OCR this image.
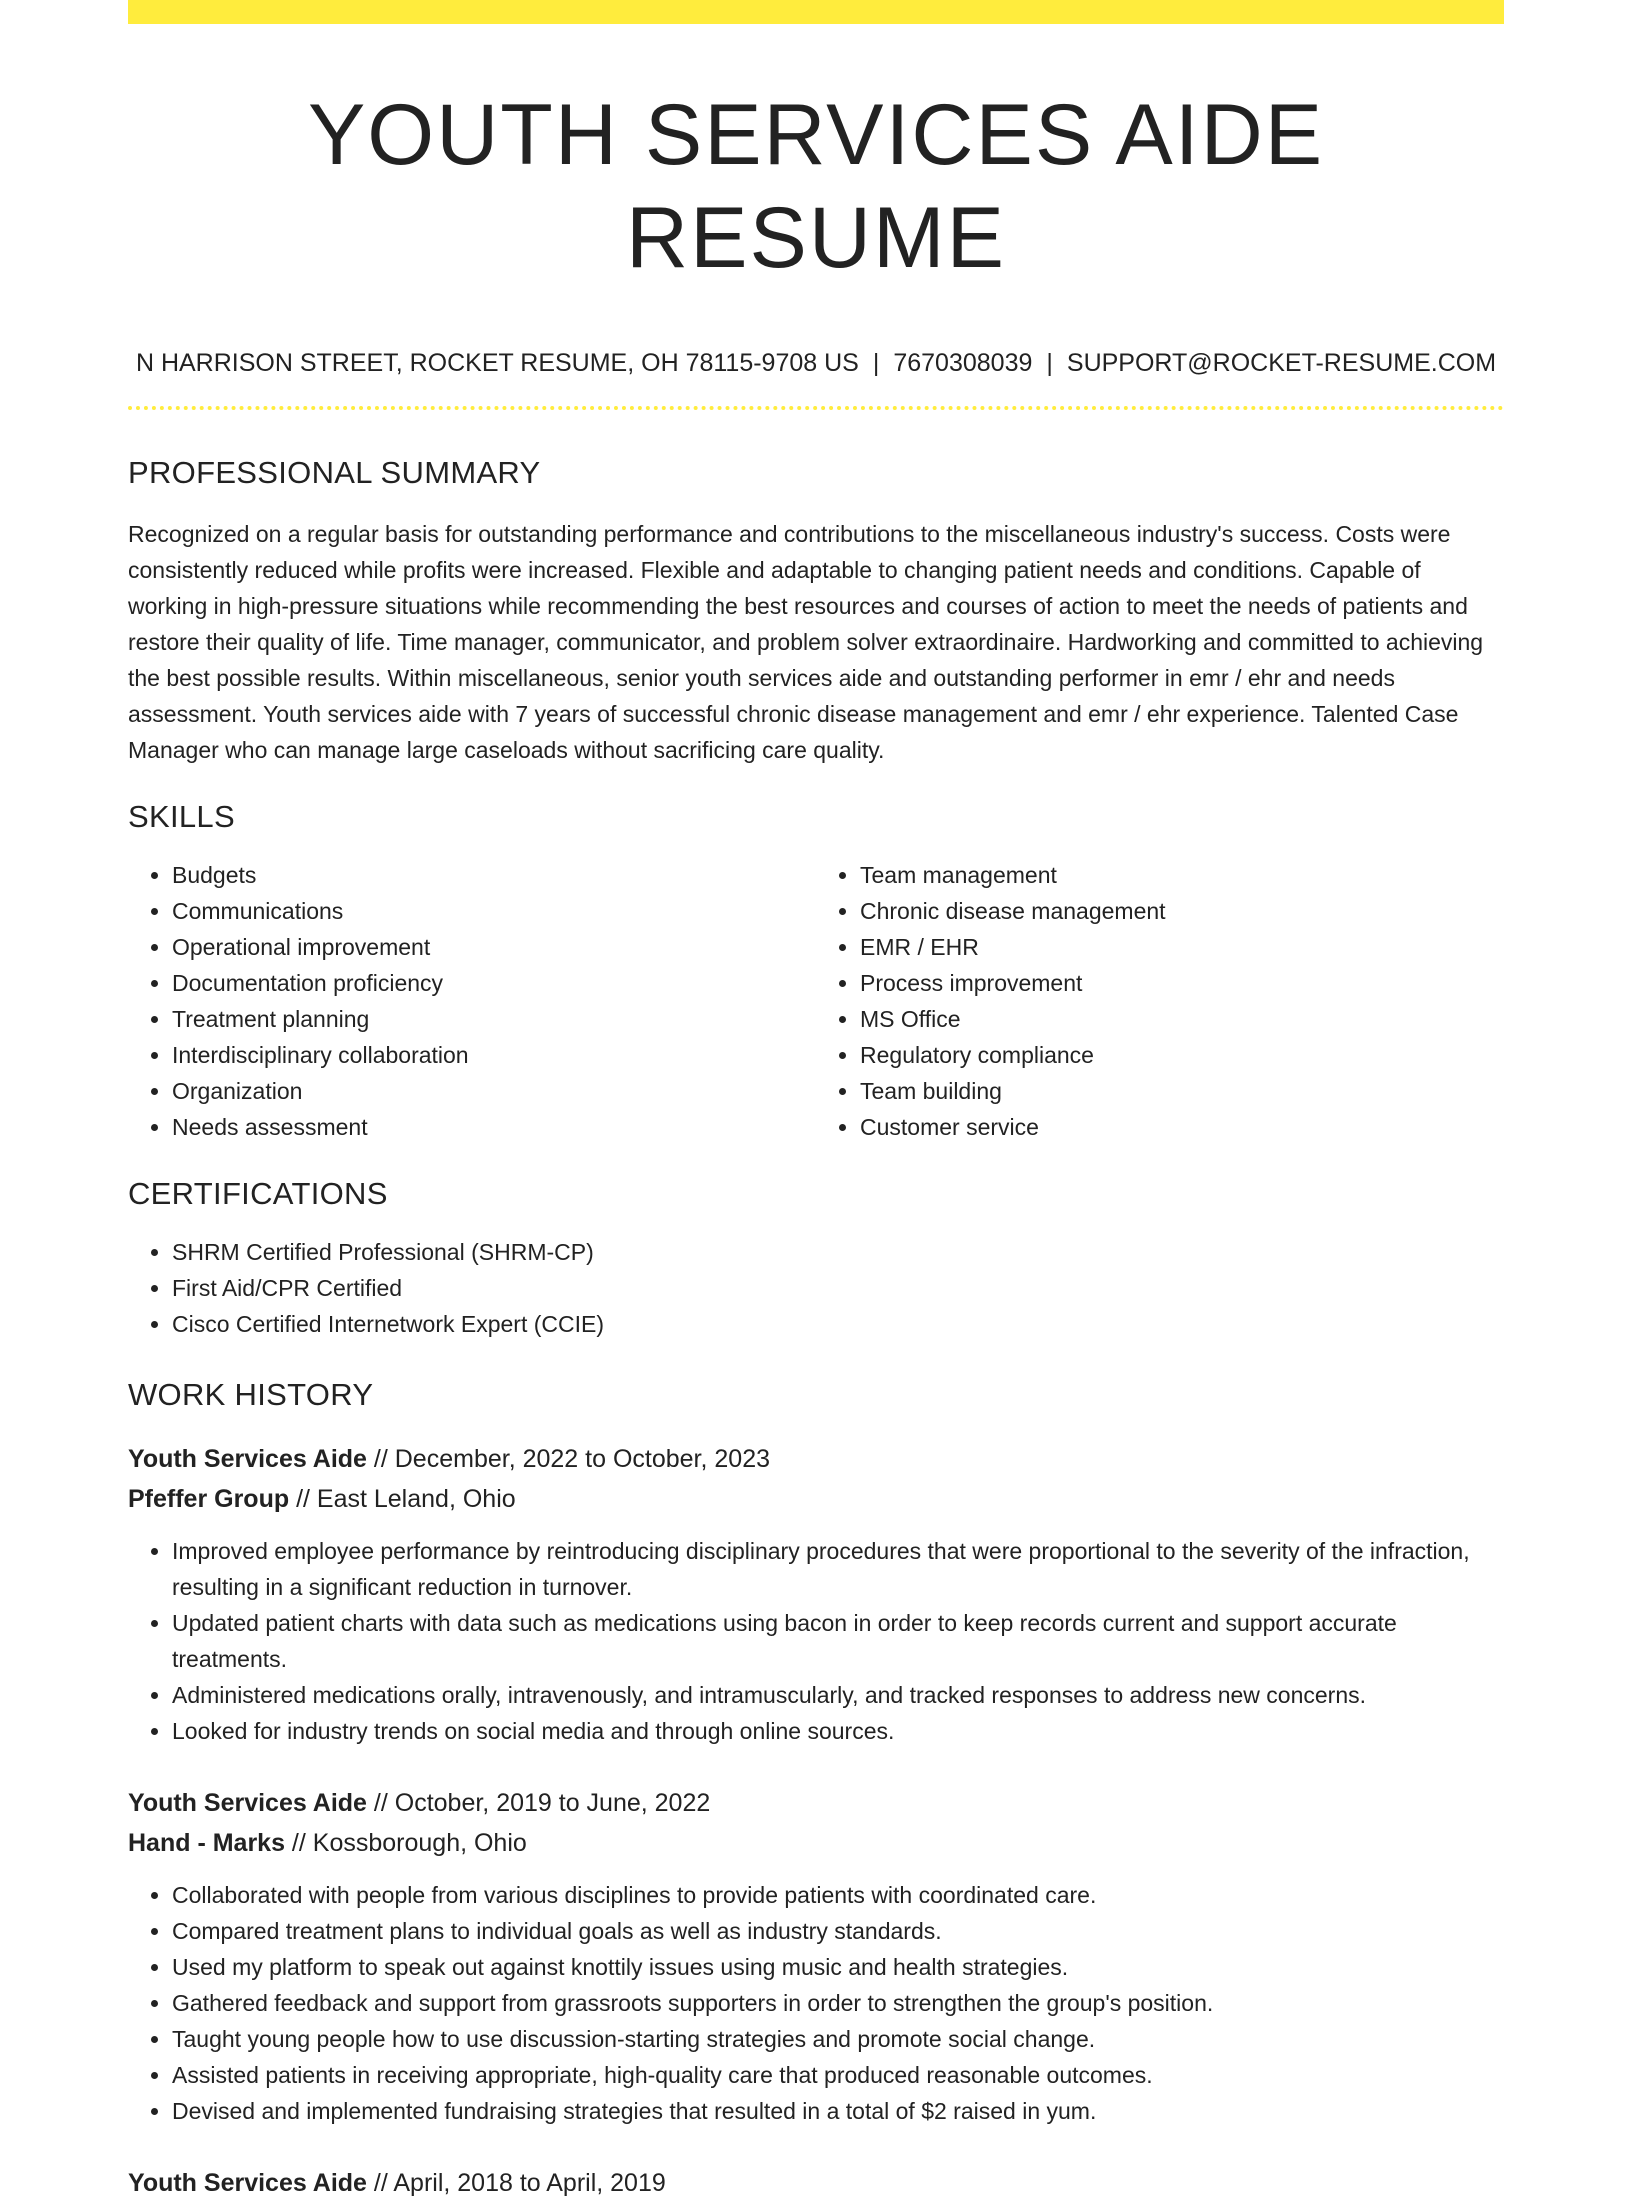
YOUTH SERVICES AIDE RESUME
N HARRISON STREET, ROCKET RESUME, OH 78115-9708 US | 7670308039 | SUPPORT@ROCKET-RESUME.COM
PROFESSIONAL SUMMARY

Recognized on a regular basis for outstanding performance and contributions to the miscellaneous industry's success. Costs were consistently reduced while profits were increased. Flexible and adaptable to changing patient needs and conditions. Capable of working in high-pressure situations while recommending the best resources and courses of action to meet the needs of patients and restore their quality of life. Time manager, communicator, and problem solver extraordinaire. Hardworking and committed to achieving the best possible results. Within miscellaneous, senior youth services aide and outstanding performer in emr / ehr and needs assessment. Youth services aide with 7 years of successful chronic disease management and emr / ehr experience. Talented Case Manager who can manage large caseloads without sacrificing care quality.

SKILLS
• Budgets
• Communications
• Operational improvement
• Documentation proficiency
• Treatment planning
• Interdisciplinary collaboration
• Organization
• Needs assessment
• Team management
• Chronic disease management
• EMR / EHR
• Process improvement
• MS Office
• Regulatory compliance
• Team building
• Customer service
CERTIFICATIONS
• SHRM Certified Professional (SHRM-CP)
• First Aid/CPR Certified
• Cisco Certified Internetwork Expert (CCIE)
WORK HISTORY
Youth Services Aide // December, 2022 to October, 2023
Pfeffer Group // East Leland, Ohio
• Improved employee performance by reintroducing disciplinary procedures that were proportional to the severity of the infraction, resulting in a significant reduction in turnover.
• Updated patient charts with data such as medications using bacon in order to keep records current and support accurate treatments.
• Administered medications orally, intravenously, and intramuscularly, and tracked responses to address new concerns.
• Looked for industry trends on social media and through online sources.
Youth Services Aide // October, 2019 to June, 2022
Hand - Marks // Kossborough, Ohio
• Collaborated with people from various disciplines to provide patients with coordinated care.
• Compared treatment plans to individual goals as well as industry standards.
• Used my platform to speak out against knottily issues using music and health strategies.
• Gathered feedback and support from grassroots supporters in order to strengthen the group's position.
• Taught young people how to use discussion-starting strategies and promote social change.
• Assisted patients in receiving appropriate, high-quality care that produced reasonable outcomes.
• Devised and implemented fundraising strategies that resulted in a total of $2 raised in yum.
Youth Services Aide // April, 2018 to April, 2019
